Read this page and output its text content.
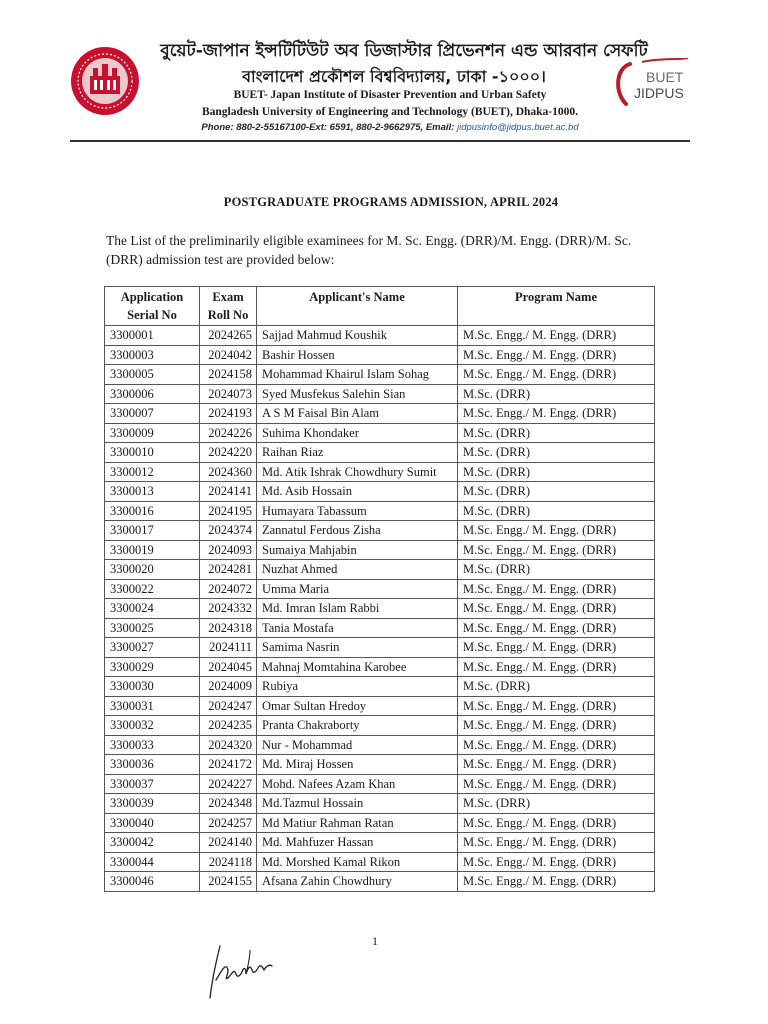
বুয়েট-জাপান ইন্সটিটিউট অব ডিজাস্টার প্রিভেনশন এন্ড আরবান সেফটি
বাংলাদেশ প্রকৌশল বিশ্ববিদ্যালয়, ঢাকা -১০০০।
BUET- Japan Institute of Disaster Prevention and Urban Safety
Bangladesh University of Engineering and Technology (BUET), Dhaka-1000.
Phone: 880-2-55167100-Ext: 6591, 880-2-9662975, Email: jidpusinfo@jidpus.buet.ac.bd
BUET
JIDPUS
POSTGRADUATE PROGRAMS ADMISSION, APRIL 2024
The List of the preliminarily eligible examinees for M. Sc. Engg. (DRR)/M. Engg. (DRR)/M. Sc. (DRR) admission test are provided below:
Application Serial No	Exam Roll No	Applicant's Name	Program Name
3300001	2024265	Sajjad Mahmud Koushik	M.Sc. Engg./ M. Engg. (DRR)
3300003	2024042	Bashir Hossen	M.Sc. Engg./ M. Engg. (DRR)
3300005	2024158	Mohammad Khairul Islam Sohag	M.Sc. Engg./ M. Engg. (DRR)
3300006	2024073	Syed Musfekus Salehin Sian	M.Sc. (DRR)
3300007	2024193	A S M Faisal Bin Alam	M.Sc. Engg./ M. Engg. (DRR)
3300009	2024226	Suhima Khondaker	M.Sc. (DRR)
3300010	2024220	Raihan Riaz	M.Sc. (DRR)
3300012	2024360	Md. Atik Ishrak Chowdhury Sumit	M.Sc. (DRR)
3300013	2024141	Md. Asib Hossain	M.Sc. (DRR)
3300016	2024195	Humayara Tabassum	M.Sc. (DRR)
3300017	2024374	Zannatul Ferdous Zisha	M.Sc. Engg./ M. Engg. (DRR)
3300019	2024093	Sumaiya Mahjabin	M.Sc. Engg./ M. Engg. (DRR)
3300020	2024281	Nuzhat Ahmed	M.Sc. (DRR)
3300022	2024072	Umma Maria	M.Sc. Engg./ M. Engg. (DRR)
3300024	2024332	Md. Imran Islam Rabbi	M.Sc. Engg./ M. Engg. (DRR)
3300025	2024318	Tania Mostafa	M.Sc. Engg./ M. Engg. (DRR)
3300027	2024111	Samima Nasrin	M.Sc. Engg./ M. Engg. (DRR)
3300029	2024045	Mahnaj Momtahina Karobee	M.Sc. Engg./ M. Engg. (DRR)
3300030	2024009	Rubiya	M.Sc. (DRR)
3300031	2024247	Omar Sultan Hredoy	M.Sc. Engg./ M. Engg. (DRR)
3300032	2024235	Pranta Chakraborty	M.Sc. Engg./ M. Engg. (DRR)
3300033	2024320	Nur - Mohammad	M.Sc. Engg./ M. Engg. (DRR)
3300036	2024172	Md. Miraj Hossen	M.Sc. Engg./ M. Engg. (DRR)
3300037	2024227	Mohd. Nafees Azam Khan	M.Sc. Engg./ M. Engg. (DRR)
3300039	2024348	Md.Tazmul Hossain	M.Sc. (DRR)
3300040	2024257	Md Matiur Rahman Ratan	M.Sc. Engg./ M. Engg. (DRR)
3300042	2024140	Md. Mahfuzer Hassan	M.Sc. Engg./ M. Engg. (DRR)
3300044	2024118	Md. Morshed Kamal Rikon	M.Sc. Engg./ M. Engg. (DRR)
3300046	2024155	Afsana Zahin Chowdhury	M.Sc. Engg./ M. Engg. (DRR)
1
